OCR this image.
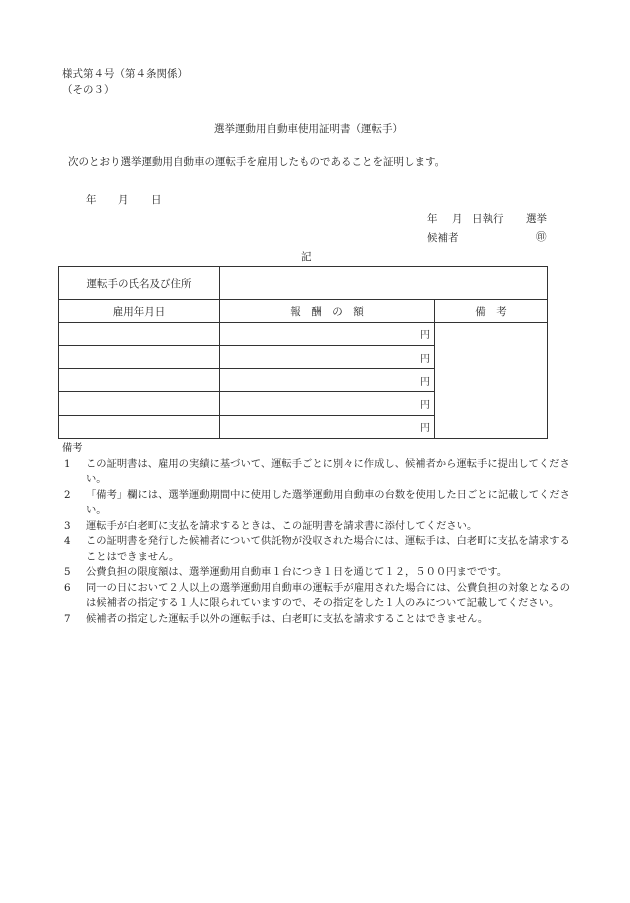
様式第４号（第４条関係）
（その３）
選挙運動用自動車使用証明書（運転手）
次のとおり選挙運動用自動車の運転手を雇用したものであることを証明します。
年 月 日
年 月 日執行 選挙
候補者	㊞
記
運転手の氏名及び住所		
雇用年月日	報　酬　の　額	備　考
	円	
	円	
	円	
	円	
	円	
備考
1	この証明書は、雇用の実績に基づいて、運転手ごとに別々に作成し、候補者から運転手に提出してください。
2	「備考」欄には、選挙運動期間中に使用した選挙運動用自動車の台数を使用した日ごとに記載してください。
3	運転手が白老町に支払を請求するときは、この証明書を請求書に添付してください。
4	この証明書を発行した候補者について供託物が没収された場合には、運転手は、白老町に支払を請求することはできません。
5	公費負担の限度額は、選挙運動用自動車１台につき１日を通じて１２，５００円までです。
6	同一の日において２人以上の選挙運動用自動車の運転手が雇用された場合には、公費負担の対象となるのは候補者の指定する１人に限られていますので、その指定をした１人のみについて記載してください。
7	候補者の指定した運転手以外の運転手は、白老町に支払を請求することはできません。
